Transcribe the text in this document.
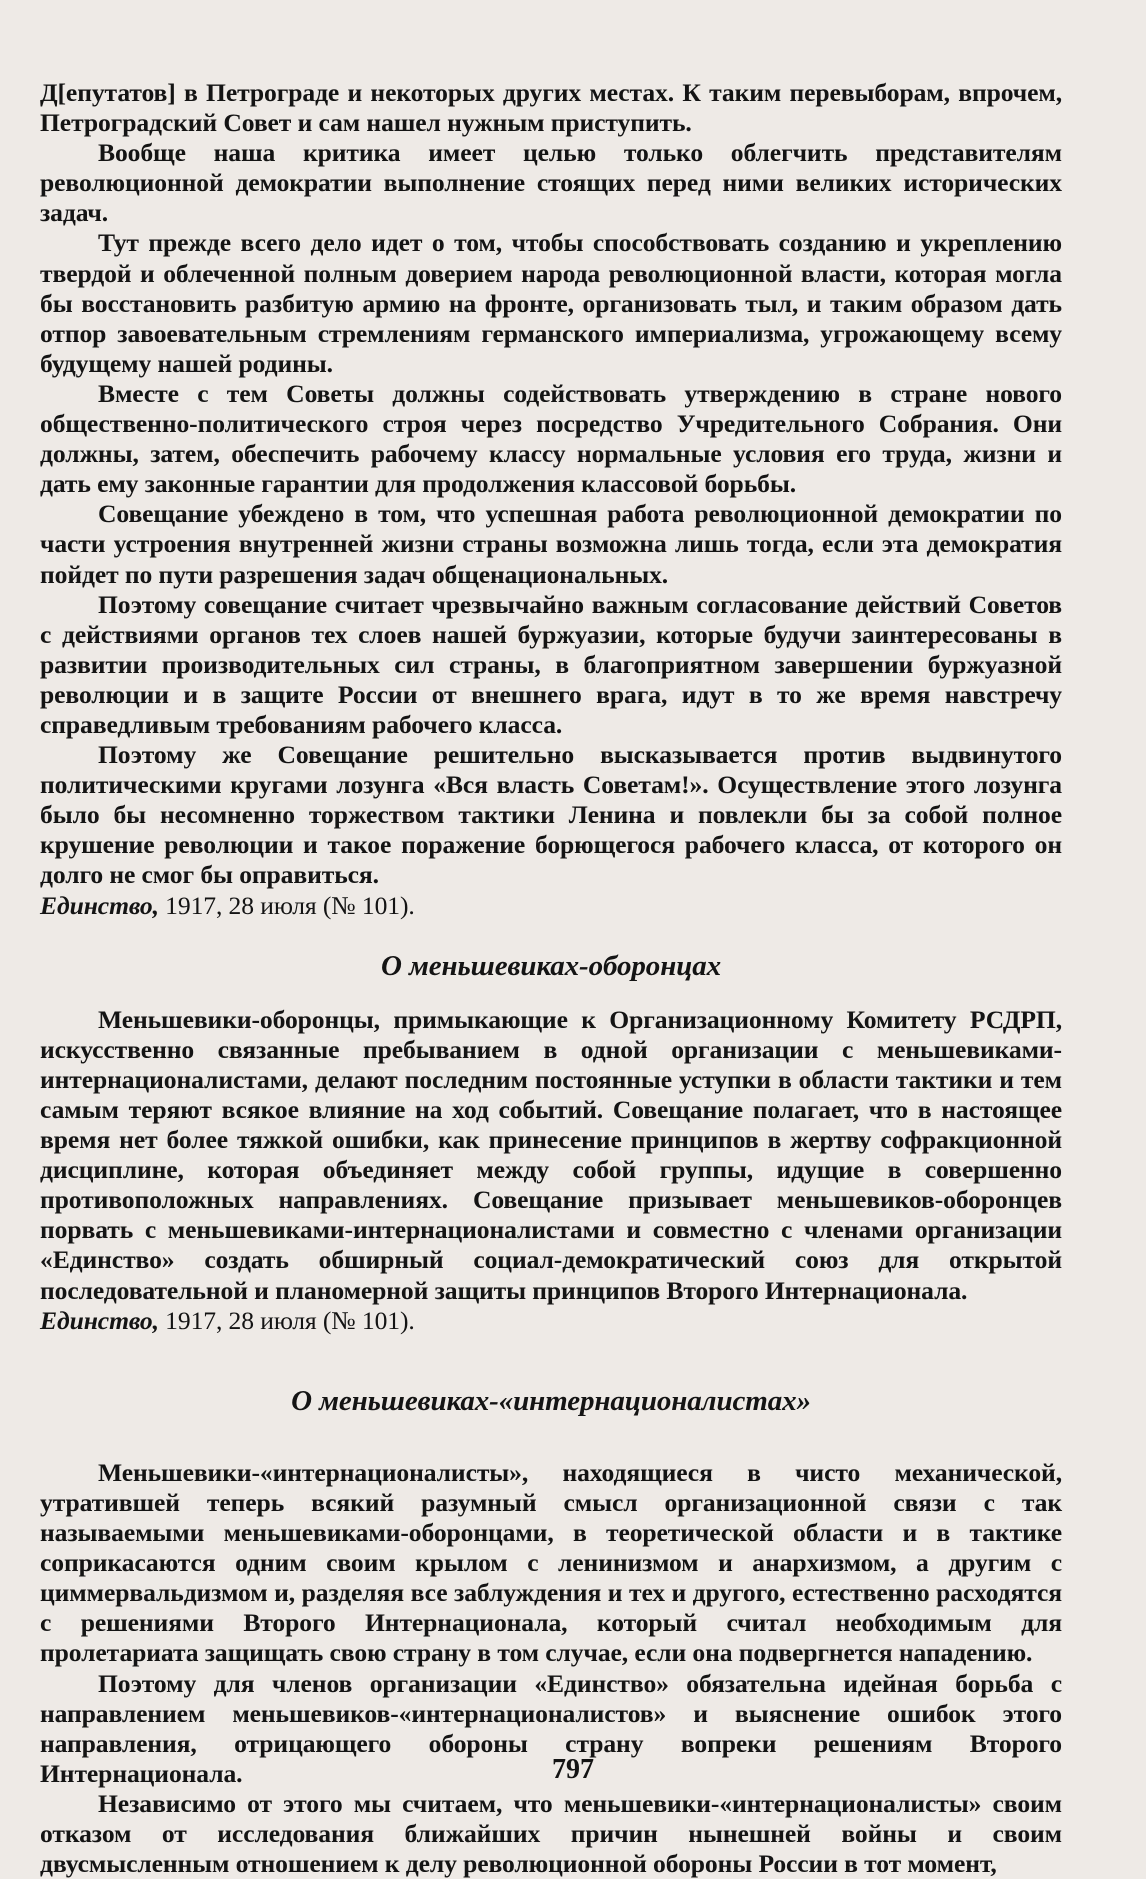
Д[епутатов] в Петрограде и некоторых других местах. К таким перевыборам, впрочем, Петроградский Совет и сам нашел нужным приступить.

Вообще наша критика имеет целью только облегчить представителям революционной демократии выполнение стоящих перед ними великих исторических задач.

Тут прежде всего дело идет о том, чтобы способствовать созданию и укреплению твердой и облеченной полным доверием народа революционной власти, которая могла бы восстановить разбитую армию на фронте, организовать тыл, и таким образом дать отпор завоевательным стремлениям германского империализма, угрожающему всему будущему нашей родины.

Вместе с тем Советы должны содействовать утверждению в стране нового общественно-политического строя через посредство Учредительного Собрания. Они должны, затем, обеспечить рабочему классу нормальные условия его труда, жизни и дать ему законные гарантии для продолжения классовой борьбы.

Совещание убеждено в том, что успешная работа революционной демократии по части устроения внутренней жизни страны возможна лишь тогда, если эта демократия пойдет по пути разрешения задач общенациональных.

Поэтому совещание считает чрезвычайно важным согласование действий Советов с действиями органов тех слоев нашей буржуазии, которые будучи заинтересованы в развитии производительных сил страны, в благоприятном завершении буржуазной революции и в защите России от внешнего врага, идут в то же время навстречу справедливым требованиям рабочего класса.

Поэтому же Совещание решительно высказывается против выдвинутого политическими кругами лозунга «Вся власть Советам!». Осуществление этого лозунга было бы несомненно торжеством тактики Ленина и повлекли бы за собой полное крушение революции и такое поражение борющегося рабочего класса, от которого он долго не смог бы оправиться.

Единство, 1917, 28 июля (№ 101).

О меньшевиках-оборонцах

Меньшевики-оборонцы, примыкающие к Организационному Комитету РСДРП, искусственно связанные пребыванием в одной организации с меньшевиками-интернационалистами, делают последним постоянные уступки в области тактики и тем самым теряют всякое влияние на ход событий. Совещание полагает, что в настоящее время нет более тяжкой ошибки, как принесение принципов в жертву софракционной дисциплине, которая объединяет между собой группы, идущие в совершенно противоположных направлениях. Совещание призывает меньшевиков-оборонцев порвать с меньшевиками-интернационалистами и совместно с членами организации «Единство» создать обширный социал-демократический союз для открытой последовательной и планомерной защиты принципов Второго Интернационала.

Единство, 1917, 28 июля (№ 101).

О меньшевиках-«интернационалистах»

Меньшевики-«интернационалисты», находящиеся в чисто механической, утратившей теперь всякий разумный смысл организационной связи с так называемыми меньшевиками-оборонцами, в теоретической области и в тактике соприкасаются одним своим крылом с ленинизмом и анархизмом, а другим с циммервальдизмом и, разделяя все заблуждения и тех и другого, естественно расходятся с решениями Второго Интернационала, который считал необходимым для пролетариата защищать свою страну в том случае, если она подвергнется нападению.

Поэтому для членов организации «Единство» обязательна идейная борьба с направлением меньшевиков-«интернационалистов» и выяснение ошибок этого направления, отрицающего обороны страну вопреки решениям Второго Интернационала.

Независимо от этого мы считаем, что меньшевики-«интернационалисты» своим отказом от исследования ближайших причин нынешней войны и своим двусмысленным отношением к делу революционной обороны России в тот момент,

797
